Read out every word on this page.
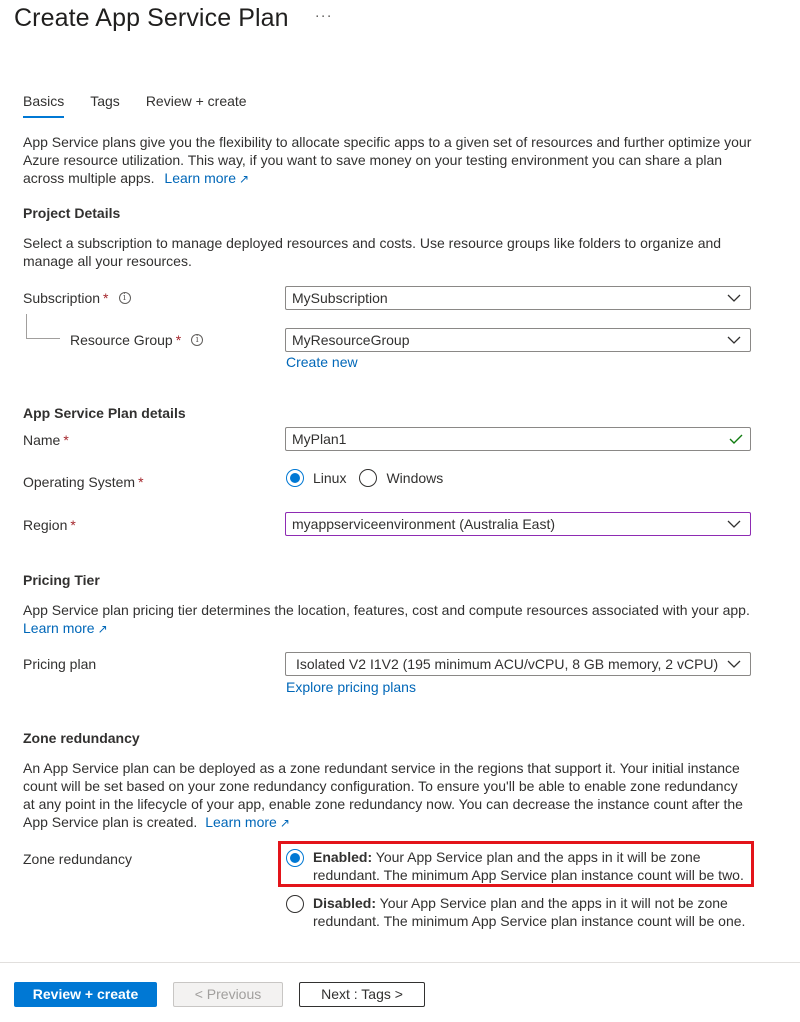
Create App Service Plan ···
Basics Tags Review + create
App Service plans give you the flexibility to allocate specific apps to a given set of resources and further optimize your Azure resource utilization. This way, if you want to save money on your testing environment you can share a plan across multiple apps. Learn more ↗
Project Details
Select a subscription to manage deployed resources and costs. Use resource groups like folders to organize and manage all your resources.
Subscription * i	MySubscription
Resource Group * i	MyResourceGroup
Create new
App Service Plan details
Name *	MyPlan1
Operating System *	Linux	Windows
Region *	myappserviceenvironment (Australia East)
Pricing Tier
App Service plan pricing tier determines the location, features, cost and compute resources associated with your app.
Learn more ↗
Pricing plan	Isolated V2 I1V2 (195 minimum ACU/vCPU, 8 GB memory, 2 vCPU)
Explore pricing plans
Zone redundancy
An App Service plan can be deployed as a zone redundant service in the regions that support it. Your initial instance count will be set based on your zone redundancy configuration. To ensure you'll be able to enable zone redundancy at any point in the lifecycle of your app, enable zone redundancy now. You can decrease the instance count after the App Service plan is created. Learn more ↗
Zone redundancy	Enabled: Your App Service plan and the apps in it will be zone redundant. The minimum App Service plan instance count will be two.
Disabled: Your App Service plan and the apps in it will not be zone redundant. The minimum App Service plan instance count will be one.
Review + create	< Previous	Next : Tags >
